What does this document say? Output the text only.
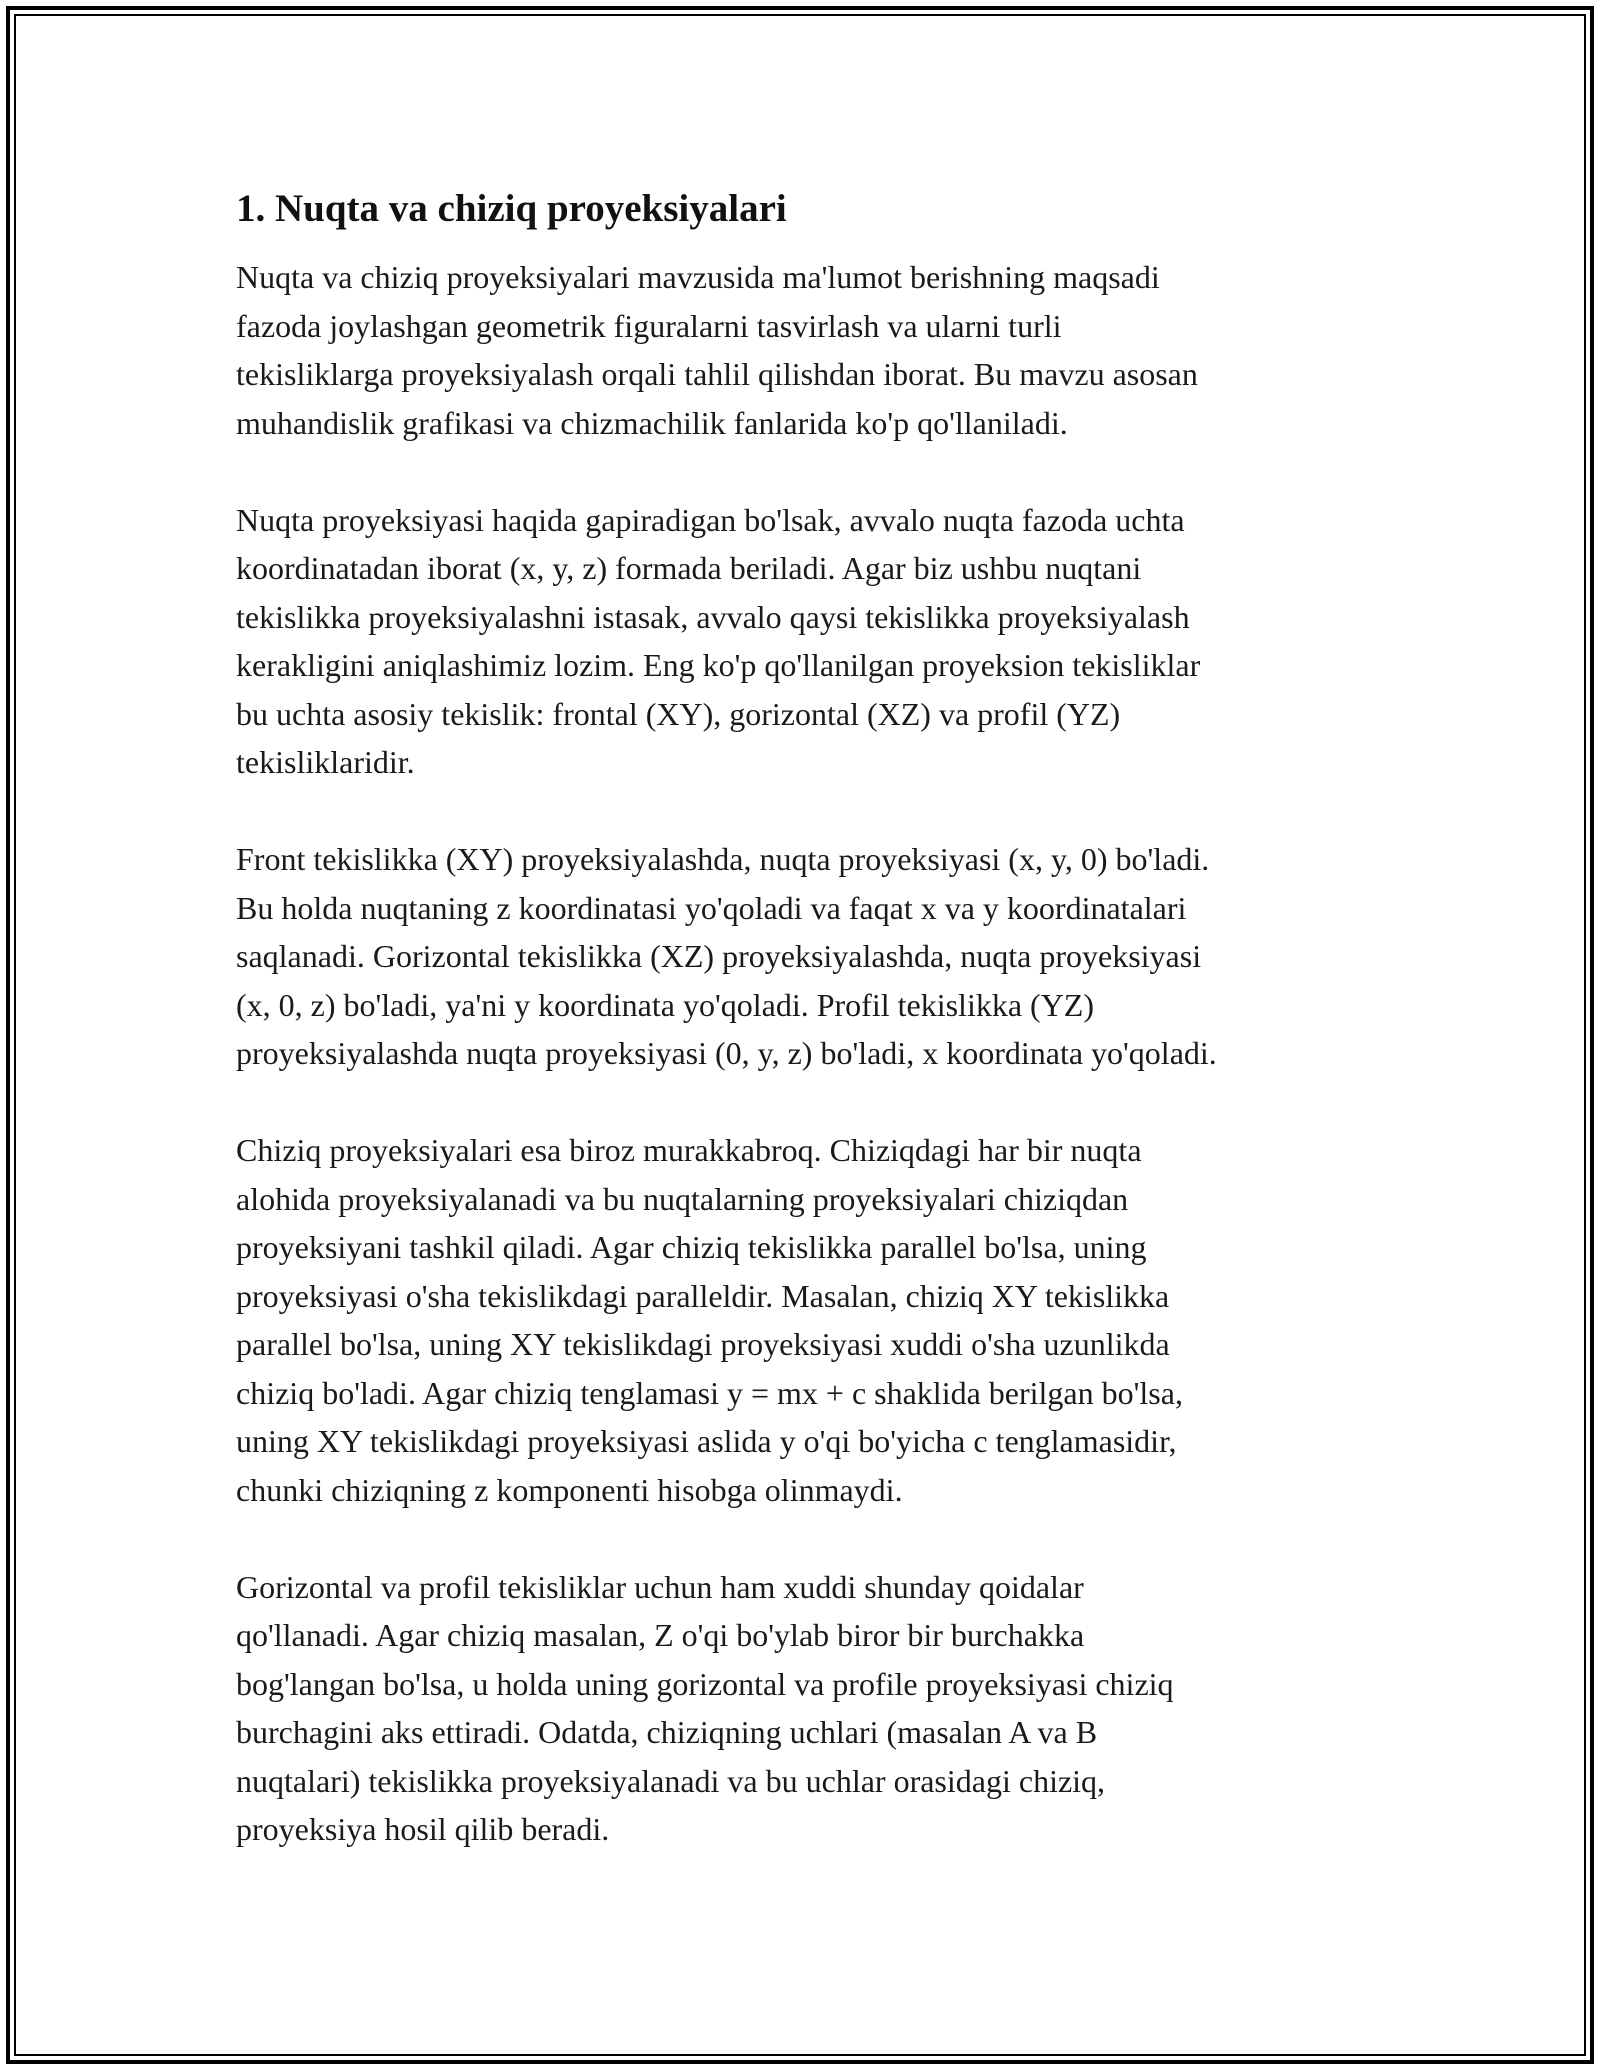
1. Nuqta va chiziq proyeksiyalari

Nuqta va chiziq proyeksiyalari mavzusida ma'lumot berishning maqsadi
fazoda joylashgan geometrik figuralarni tasvirlash va ularni turli
tekisliklarga proyeksiyalash orqali tahlil qilishdan iborat. Bu mavzu asosan
muhandislik grafikasi va chizmachilik fanlarida ko'p qo'llaniladi.

Nuqta proyeksiyasi haqida gapiradigan bo'lsak, avvalo nuqta fazoda uchta
koordinatadan iborat (x, y, z) formada beriladi. Agar biz ushbu nuqtani
tekislikka proyeksiyalashni istasak, avvalo qaysi tekislikka proyeksiyalash
kerakligini aniqlashimiz lozim. Eng ko'p qo'llanilgan proyeksion tekisliklar
bu uchta asosiy tekislik: frontal (XY), gorizontal (XZ) va profil (YZ)
tekisliklaridir.

Front tekislikka (XY) proyeksiyalashda, nuqta proyeksiyasi (x, y, 0) bo'ladi.
Bu holda nuqtaning z koordinatasi yo'qoladi va faqat x va y koordinatalari
saqlanadi. Gorizontal tekislikka (XZ) proyeksiyalashda, nuqta proyeksiyasi
(x, 0, z) bo'ladi, ya'ni y koordinata yo'qoladi. Profil tekislikka (YZ)
proyeksiyalashda nuqta proyeksiyasi (0, y, z) bo'ladi, x koordinata yo'qoladi.

Chiziq proyeksiyalari esa biroz murakkabroq. Chiziqdagi har bir nuqta
alohida proyeksiyalanadi va bu nuqtalarning proyeksiyalari chiziqdan
proyeksiyani tashkil qiladi. Agar chiziq tekislikka parallel bo'lsa, uning
proyeksiyasi o'sha tekislikdagi paralleldir. Masalan, chiziq XY tekislikka
parallel bo'lsa, uning XY tekislikdagi proyeksiyasi xuddi o'sha uzunlikda
chiziq bo'ladi. Agar chiziq tenglamasi y = mx + c shaklida berilgan bo'lsa,
uning XY tekislikdagi proyeksiyasi aslida y o'qi bo'yicha c tenglamasidir,
chunki chiziqning z komponenti hisobga olinmaydi.

Gorizontal va profil tekisliklar uchun ham xuddi shunday qoidalar
qo'llanadi. Agar chiziq masalan, Z o'qi bo'ylab biror bir burchakka
bog'langan bo'lsa, u holda uning gorizontal va profile proyeksiyasi chiziq
burchagini aks ettiradi. Odatda, chiziqning uchlari (masalan A va B
nuqtalari) tekislikka proyeksiyalanadi va bu uchlar orasidagi chiziq,
proyeksiya hosil qilib beradi.
